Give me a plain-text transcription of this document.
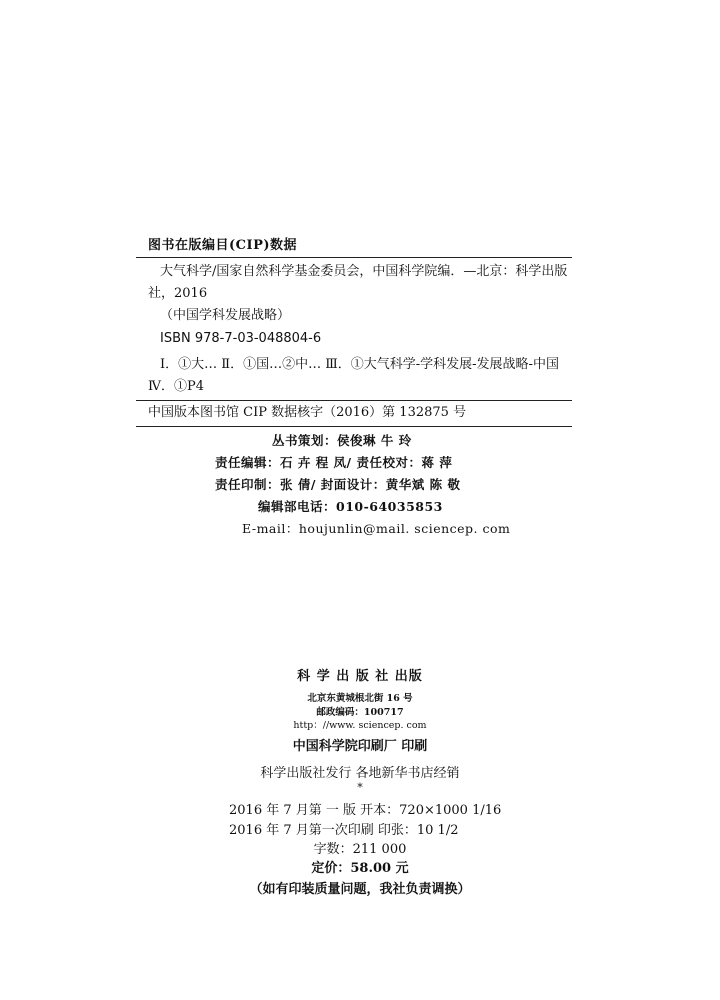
图书在版编目(CIP)数据
大气科学/国家自然科学基金委员会，中国科学院编．—北京：科学出版
社，2016
（中国学科发展战略）
ISBN 978-7-03-048804-6
Ⅰ．①大… Ⅱ．①国…②中… Ⅲ．①大气科学-学科发展-发展战略-中国
Ⅳ．①P4
中国版本图书馆 CIP 数据核字（2016）第 132875 号
丛书策划：侯俊琳 牛 玲
责任编辑：石 卉 程 凤/ 责任校对：蒋 萍
责任印制：张 倩/ 封面设计：黄华斌 陈 敬
编辑部电话：010-64035853
E-mail：houjunlin@mail. sciencep. com
科 学 出 版 社 出版
北京东黄城根北街 16 号
邮政编码：100717
http：//www. sciencep. com
中国科学院印刷厂 印刷
科学出版社发行 各地新华书店经销
*
2016 年 7 月第 一 版 开本：720×1000 1/16
2016 年 7 月第一次印刷 印张：10 1/2
字数：211 000
定价：58.00 元
（如有印装质量问题，我社负责调换）
